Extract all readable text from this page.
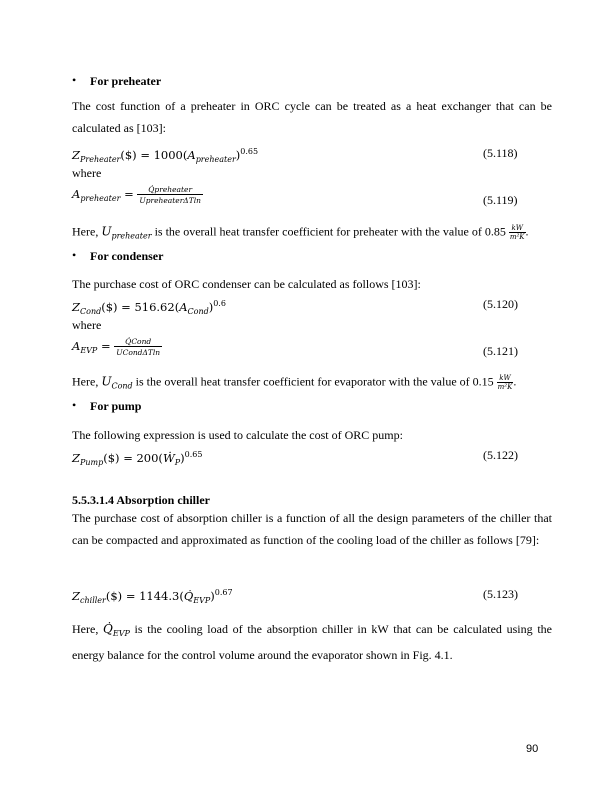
• For preheater
The cost function of a preheater in ORC cycle can be treated as a heat exchanger that can be calculated as [103]:
$Z_{Preheater}(\$) = 1000(A_{preheater})^{0.65}$	(5.118)
where
$A_{preheater} = \frac{\text{Q̇preheater}}{\text{UpreheaterΔTln}}$	(5.119)
Here, $U_{preheater}$ is the overall heat transfer coefficient for preheater with the value of $0.85 \frac{kW}{\text{m²K}}$ .
• For condenser
The purchase cost of ORC condenser can be calculated as follows [103]:
$Z_{Cond}(\$) = 516.62(A_{Cond})^{0.6}$	(5.120)
where
$A_{EVP} = \frac{\text{Q̇Cond}}{\text{UCondΔTln}}$	(5.121)
Here, $U_{Cond}$ is the overall heat transfer coefficient for evaporator with the value of $0.15 \frac{kW}{\text{m²K}}$ .
• For pump
The following expression is used to calculate the cost of ORC pump:
$Z_{Pump}(\$)$ = 200(Ẇ$_P$)$^{0.65}$	(5.122)
5.5.3.1.4 Absorption chiller
The purchase cost of absorption chiller is a function of all the design parameters of the chiller that can be compacted and approximated as function of the cooling load of the chiller as follows [79]:
$Z_{chiller}(\$)$ = $1144.3(Q̇_{EVP})^{0.67}$	(5.123)
Here, $Q̇_{EVP}$ is the cooling load of the absorption chiller in kW that can be calculated using the energy balance for the control volume around the evaporator shown in Fig. 4.1.
90
